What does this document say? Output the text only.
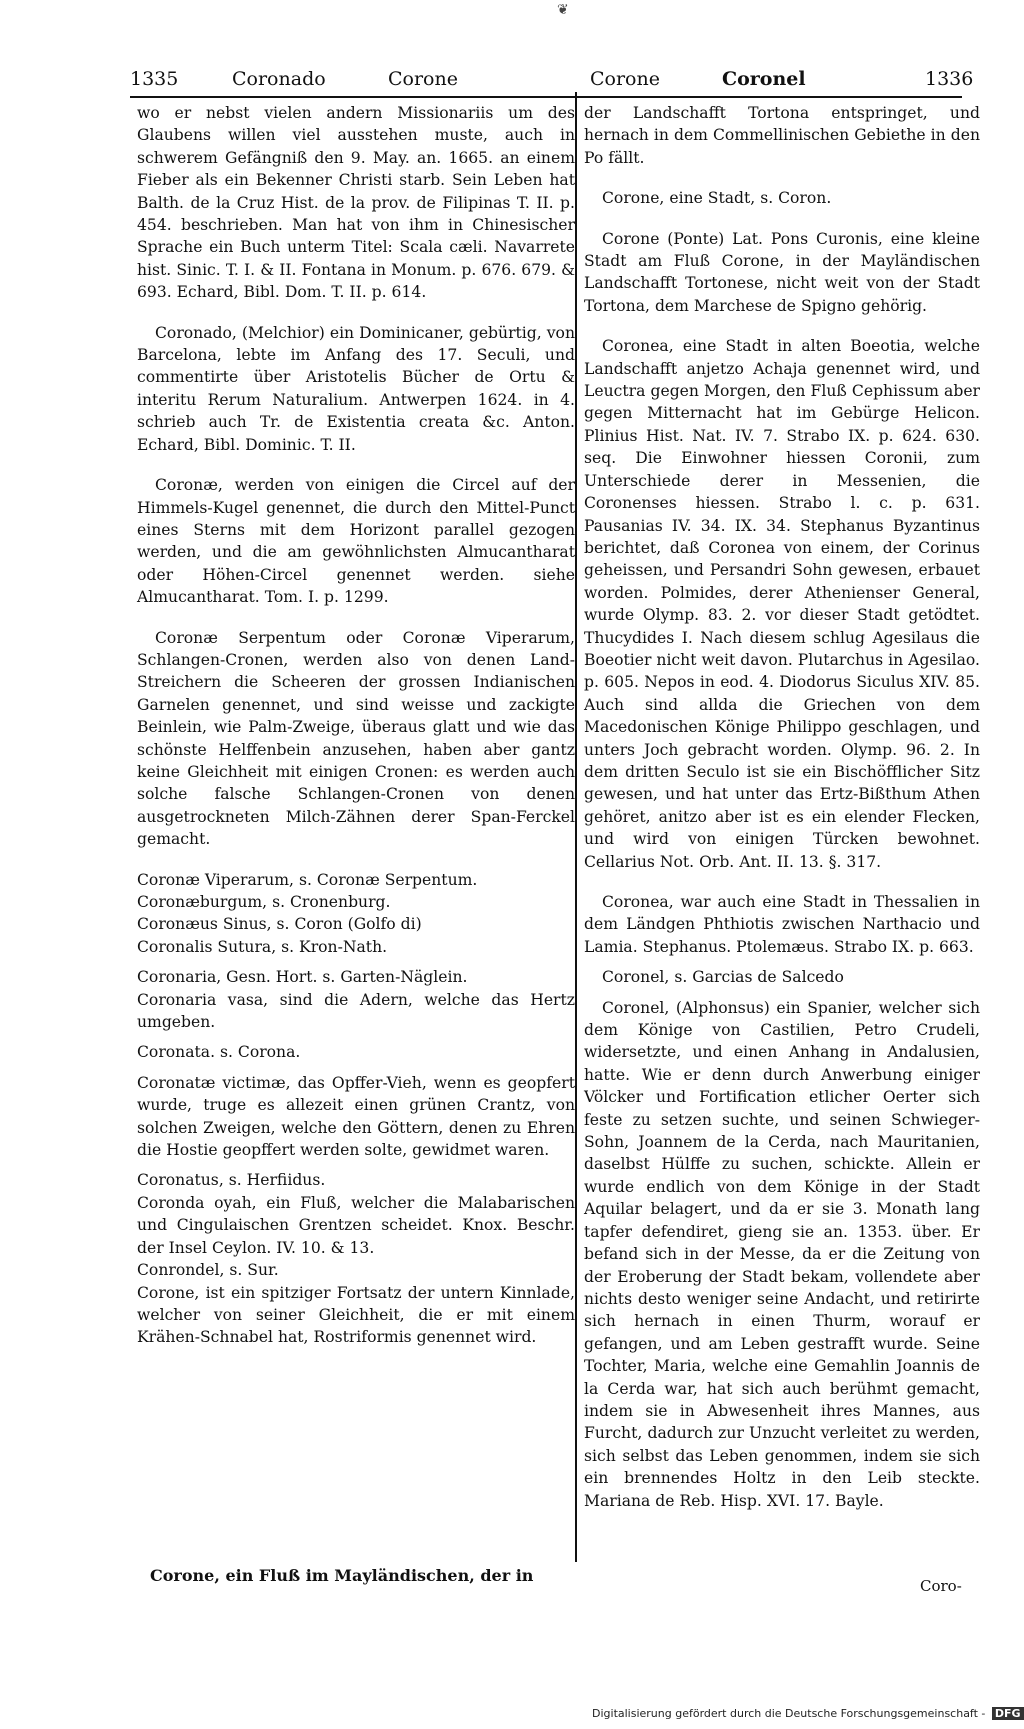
❦
1335	Coronado	Corone	Corone	Coronel	1336

wo er nebst vielen andern Missionariis um des Glaubens willen viel ausstehen muste, auch in schwerem Gefängniß den 9. May. an. 1665. an einem Fieber als ein Bekenner Christi starb. Sein Leben hat Balth. de la Cruz Hist. de la prov. de Filipinas T. II. p. 454. beschrieben. Man hat von ihm in Chinesischer Sprache ein Buch unterm Titel: Scala cæli. Navarrete hist. Sinic. T. I. & II. Fontana in Monum. p. 676. 679. & 693. Echard, Bibl. Dom. T. II. p. 614.

Coronado, (Melchior) ein Dominicaner, gebürtig, von Barcelona, lebte im Anfang des 17. Seculi, und commentirte über Aristotelis Bücher de Ortu & interitu Rerum Naturalium. Antwerpen 1624. in 4. schrieb auch Tr. de Existentia creata &c. Anton. Echard, Bibl. Dominic. T. II.

Coronæ, werden von einigen die Circel auf der Himmels-Kugel genennet, die durch den Mittel-Punct eines Sterns mit dem Horizont parallel gezogen werden, und die am gewöhnlichsten Almucantharat oder Höhen-Circel genennet werden. siehe Almucantharat. Tom. I. p. 1299.

Coronæ Serpentum oder Coronæ Viperarum, Schlangen-Cronen, werden also von denen Land-Streichern die Scheeren der grossen Indianischen Garnelen genennet, und sind weisse und zackigte Beinlein, wie Palm-Zweige, überaus glatt und wie das schönste Helffenbein anzusehen, haben aber gantz keine Gleichheit mit einigen Cronen: es werden auch solche falsche Schlangen-Cronen von denen ausgetrockneten Milch-Zähnen derer Span-Ferckel gemacht.

Coronæ Viperarum, s. Coronæ Serpentum.

Coronæburgum, s. Cronenburg.

Coronæus Sinus, s. Coron (Golfo di)

Coronalis Sutura, s. Kron-Nath.

Coronaria, Gesn. Hort. s. Garten-Näglein.

Coronaria vasa, sind die Adern, welche das Hertz umgeben.

Coronata. s. Corona.

Coronatæ victimæ, das Opffer-Vieh, wenn es geopfert wurde, truge es allezeit einen grünen Crantz, von solchen Zweigen, welche den Göttern, denen zu Ehren die Hostie geopffert werden solte, gewidmet waren.

Coronatus, s. Herfiidus.

Coronda oyah, ein Fluß, welcher die Malabarischen und Cingulaischen Grentzen scheidet. Knox. Beschr. der Insel Ceylon. IV. 10. & 13.

Conrondel, s. Sur.

Corone, ist ein spitziger Fortsatz der untern Kinnlade, welcher von seiner Gleichheit, die er mit einem Krähen-Schnabel hat, Rostriformis genennet wird.

der Landschafft Tortona entspringet, und hernach in dem Commellinischen Gebiethe in den Po fällt.

Corone, eine Stadt, s. Coron.

Corone (Ponte) Lat. Pons Curonis, eine kleine Stadt am Fluß Corone, in der Mayländischen Landschafft Tortonese, nicht weit von der Stadt Tortona, dem Marchese de Spigno gehörig.

Coronea, eine Stadt in alten Boeotia, welche Landschafft anjetzo Achaja genennet wird, und Leuctra gegen Morgen, den Fluß Cephissum aber gegen Mitternacht hat im Gebürge Helicon. Plinius Hist. Nat. IV. 7. Strabo IX. p. 624. 630. seq. Die Einwohner hiessen Coronii, zum Unterschiede derer in Messenien, die Coronenses hiessen. Strabo l. c. p. 631. Pausanias IV. 34. IX. 34. Stephanus Byzantinus berichtet, daß Coronea von einem, der Corinus geheissen, und Persandri Sohn gewesen, erbauet worden. Polmides, derer Athenienser General, wurde Olymp. 83. 2. vor dieser Stadt getödtet. Thucydides I. Nach diesem schlug Agesilaus die Boeotier nicht weit davon. Plutarchus in Agesilao. p. 605. Nepos in eod. 4. Diodorus Siculus XIV. 85. Auch sind allda die Griechen von dem Macedonischen Könige Philippo geschlagen, und unters Joch gebracht worden. Olymp. 96. 2. In dem dritten Seculo ist sie ein Bischöfflicher Sitz gewesen, und hat unter das Ertz-Bißthum Athen gehöret, anitzo aber ist es ein elender Flecken, und wird von einigen Türcken bewohnet. Cellarius Not. Orb. Ant. II. 13. §. 317.

Coronea, war auch eine Stadt in Thessalien in dem Ländgen Phthiotis zwischen Narthacio und Lamia. Stephanus. Ptolemæus. Strabo IX. p. 663.

Coronel, s. Garcias de Salcedo

Coronel, (Alphonsus) ein Spanier, welcher sich dem Könige von Castilien, Petro Crudeli, widersetzte, und einen Anhang in Andalusien, hatte. Wie er denn durch Anwerbung einiger Völcker und Fortification etlicher Oerter sich feste zu setzen suchte, und seinen Schwieger-Sohn, Joannem de la Cerda, nach Mauritanien, daselbst Hülffe zu suchen, schickte. Allein er wurde endlich von dem Könige in der Stadt Aquilar belagert, und da er sie 3. Monath lang tapfer defendiret, gieng sie an. 1353. über. Er befand sich in der Messe, da er die Zeitung von der Eroberung der Stadt bekam, vollendete aber nichts desto weniger seine Andacht, und retirirte sich hernach in einen Thurm, worauf er gefangen, und am Leben gestrafft wurde. Seine Tochter, Maria, welche eine Gemahlin Joannis de la Cerda war, hat sich auch berühmt gemacht, indem sie in Abwesenheit ihres Mannes, aus Furcht, dadurch zur Unzucht verleitet zu werden, sich selbst das Leben genommen, indem sie sich ein brennendes Holtz in den Leib steckte. Mariana de Reb. Hisp. XVI. 17. Bayle.

Corone, ein Fluß im Mayländischen, der in
Coro-
Digitalisierung gefördert durch die Deutsche Forschungsgemeinschaft - DFG
